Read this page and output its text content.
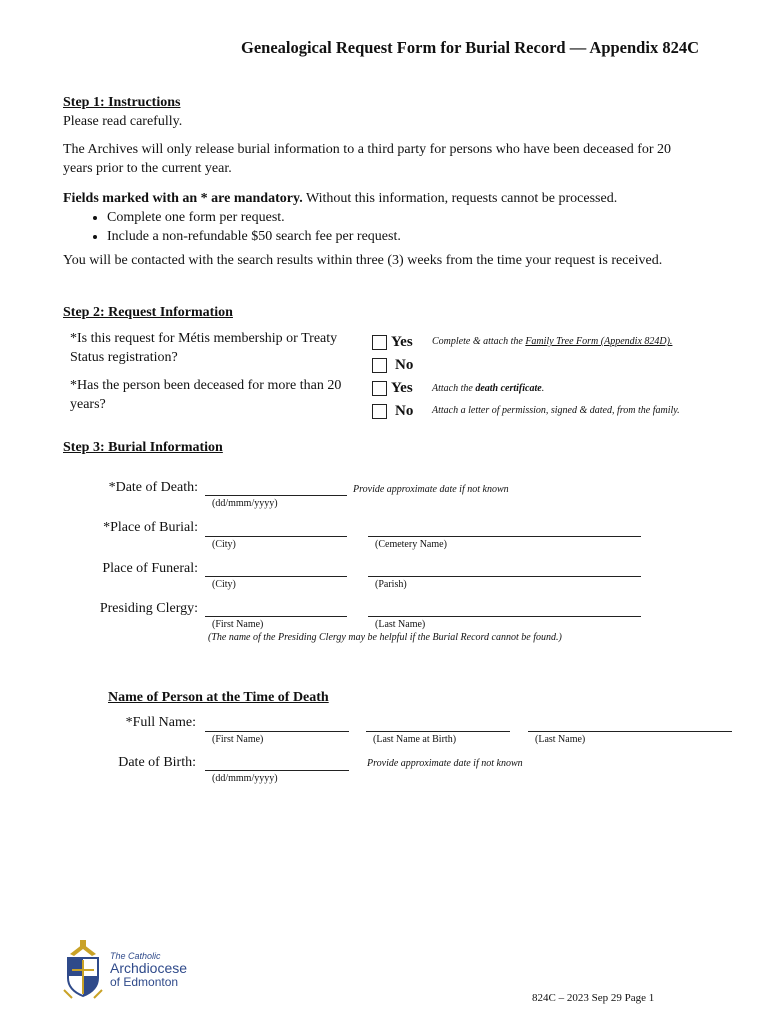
Genealogical Request Form for Burial Record — Appendix 824C
Step 1: Instructions
Please read carefully.
The Archives will only release burial information to a third party for persons who have been deceased for 20 years prior to the current year.
Fields marked with an * are mandatory. Without this information, requests cannot be processed.
• Complete one form per request.
• Include a non-refundable $50 search fee per request.
You will be contacted with the search results within three (3) weeks from the time your request is received.
Step 2: Request Information
*Is this request for Métis membership or Treaty Status registration?
Yes Complete & attach the Family Tree Form (Appendix 824D).
No
*Has the person been deceased for more than 20 years?
Yes Attach the death certificate.
No Attach a letter of permission, signed & dated, from the family.
Step 3: Burial Information
*Date of Death:	Provide approximate date if not known
(dd/mmm/yyyy)
*Place of Burial:
(City)	(Cemetery Name)
Place of Funeral:
(City)	(Parish)
Presiding Clergy:
(First Name)	(Last Name)
(The name of the Presiding Clergy may be helpful if the Burial Record cannot be found.)
Name of Person at the Time of Death
*Full Name:
(First Name)	(Last Name at Birth)	(Last Name)
Date of Birth:	Provide approximate date if not known
(dd/mmm/yyyy)
The Catholic
Archdiocese
of Edmonton
824C – 2023 Sep 29 Page 1
